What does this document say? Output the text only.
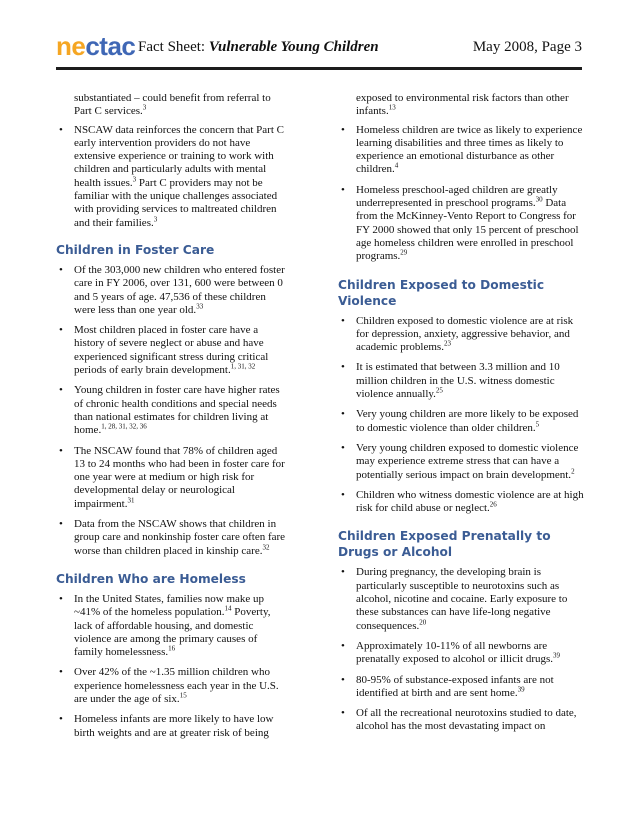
nectac Fact Sheet: Vulnerable Young Children	May 2008, Page 3

substantiated – could benefit from referral to Part C services.$^3$

• NSCAW data reinforces the concern that Part C early intervention providers do not have extensive experience or training to work with children and particularly adults with mental health issues.$^3$ Part C providers may not be familiar with the unique challenges associated with providing services to maltreated children and their families.$^3$
Children in Foster Care
• Of the 303,000 new children who entered foster care in FY 2006, over 131, 600 were between 0 and 5 years of age. 47,536 of these children were less than one year old.$^{33}$
• Most children placed in foster care have a history of severe neglect or abuse and have experienced significant stress during critical periods of early brain development.$^{1, 31, 32}$
• Young children in foster care have higher rates of chronic health conditions and special needs than national estimates for children living at home.$^{1, 28, 31, 32, 36}$
• The NSCAW found that 78% of children aged 13 to 24 months who had been in foster care for one year were at medium or high risk for developmental delay or neurological impairment.$^{31}$
• Data from the NSCAW shows that children in group care and nonkinship foster care often fare worse than children placed in kinship care.$^{32}$
Children Who are Homeless
• In the United States, families now make up ~41% of the homeless population.$^{14}$ Poverty, lack of affordable housing, and domestic violence are among the primary causes of family homelessness.$^{16}$
• Over 42% of the ~1.35 million children who experience homelessness each year in the U.S. are under the age of six.$^{15}$
• Homeless infants are more likely to have low birth weights and are at greater risk of being

exposed to environmental risk factors than other infants.$^{13}$

• Homeless children are twice as likely to experience learning disabilities and three times as likely to experience an emotional disturbance as other children.$^4$
• Homeless preschool-aged children are greatly underrepresented in preschool programs.$^{30}$ Data from the McKinney-Vento Report to Congress for FY 2000 showed that only 15 percent of preschool age homeless children were enrolled in preschool programs.$^{29}$
Children Exposed to Domestic Violence
• Children exposed to domestic violence are at risk for depression, anxiety, aggressive behavior, and academic problems.$^{23}$
• It is estimated that between 3.3 million and 10 million children in the U.S. witness domestic violence annually.$^{25}$
• Very young children are more likely to be exposed to domestic violence than older children.$^5$
• Very young children exposed to domestic violence may experience extreme stress that can have a potentially serious impact on brain development.$^2$
• Children who witness domestic violence are at high risk for child abuse or neglect.$^{26}$
Children Exposed Prenatally to Drugs or Alcohol
• During pregnancy, the developing brain is particularly susceptible to neurotoxins such as alcohol, nicotine and cocaine. Early exposure to these substances can have life-long negative consequences.$^{20}$
• Approximately 10-11% of all newborns are prenatally exposed to alcohol or illicit drugs.$^{39}$
• 80-95% of substance-exposed infants are not identified at birth and are sent home.$^{39}$
• Of all the recreational neurotoxins studied to date, alcohol has the most devastating impact on
